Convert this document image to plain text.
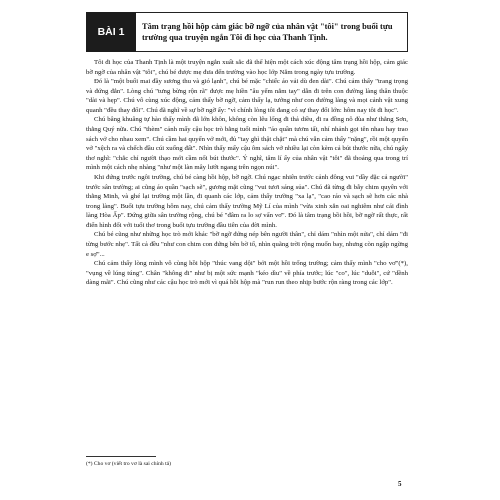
BÀI 1	Tâm trạng hồi hộp cảm giác bỡ ngỡ của nhân vật "tôi" trong buổi tựu trường qua truyện ngắn Tôi đi học của Thanh Tịnh.

Tôi đi học của Thanh Tịnh là một truyện ngắn xuất sắc đã thể hiện một cách xúc động tâm trạng hồi hộp, cảm giác bỡ ngỡ của nhân vật "tôi", chú bé được mẹ đưa đến trường vào học lớp Năm trong ngày tựu trường.

Đó là "một buổi mai đầy sương thu và gió lạnh", chú bé mặc "chiếc áo vải dù đen dài". Chú cảm thấy "trang trọng và đứng đắn". Lòng chú "tưng bừng rộn rã" được mẹ hiền "âu yếm nắm tay" dẫn đi trên con đường làng thân thuộc "dài và hẹp". Chú vô cùng xúc động, cảm thấy bỡ ngỡ, cảm thấy lạ, tưởng như con đường làng và mọi cảnh vật xung quanh "đều thay đổi". Chú đã nghĩ về sự bỡ ngỡ ấy: "vì chính lòng tôi đang có sự thay đổi lớn: hôm nay tôi đi học".

Chú bâng khuâng tự hào thấy mình đã lớn khôn, không còn lêu lổng đi thả diều, đi ra đồng nô đùa như thằng Sơn, thằng Quý nữa. Chú "thèm" cảnh mấy cậu học trò bằng tuổi mình "áo quần tươm tất, nhí nhảnh gọi tên nhau hay trao sách vở cho nhau xem". Chú cầm hai quyển vở mới, đủ "tay ghì thật chặt" mà chú vẫn cảm thấy "nặng", rồi một quyển vở "xệch ra và chếch đầu cúi xuống đất". Nhìn thấy mấy cậu ôm sách vở nhiều lại còn kèm cả bút thước nữa, chú ngây thơ nghĩ: "chắc chỉ người thạo mới cầm nổi bút thước". Ý nghĩ, tâm lí ấy của nhân vật "tôi" đã thoáng qua trong trí mình một cách nhẹ nhàng "như một làn mây lướt ngang trên ngọn núi".

Khi đứng trước ngôi trường, chú bé càng hồi hộp, bỡ ngỡ. Chú ngạc nhiên trước cảnh đông vui "dầy đặc cả người" trước sân trường; ai cũng áo quần "sạch sẽ", gương mặt cũng "vui tươi sáng sủa". Chú đã từng đi bẫy chim quyên với thằng Minh, và ghé lại trường một lần, đi quanh các lớp, cảm thấy trường "xa lạ", "cao ráo và sạch sẽ hơn các nhà trong làng". Buổi tựu trường hôm nay, chú cảm thấy trường Mỹ Lí của mình "vừa xinh xắn oai nghiêm như cái đình làng Hòa Ấp". Đứng giữa sân trường rộng, chú bé "đâm ra lo sợ vẩn vơ". Đó là tâm trạng bồi hồi, bỡ ngỡ rất thực, rất điển hình đối với tuổi thơ trong buổi tựu trường đầu tiên của đời mình.

Chú bé cũng như những học trò mới khác "bỡ ngỡ đứng nép bên người thân", chỉ dám "nhìn một nửa", chỉ dám "đi từng bước nhẹ". Tất cả đều "như con chim con đứng bên bờ tổ, nhìn quãng trời rộng muốn bay, nhưng còn ngập ngừng e sợ"...

Chú cảm thấy lòng mình vô cùng hồi hộp "thúc vang dội" bởi một hồi trống trường; cảm thấy mình "cho vơ"(*), "vụng về lúng túng". Chân "không đi" như bị một sức mạnh "kéo dìu" về phía trước; lúc "co", lúc "duỗi", cứ "dềnh dàng mãi". Chú cũng như các cậu học trò mới vì quá hồi hộp mà "run run theo nhịp bước rộn ràng trong các lớp".

(*) Cho vơ (viết tro vơ là sai chính tả)
5
